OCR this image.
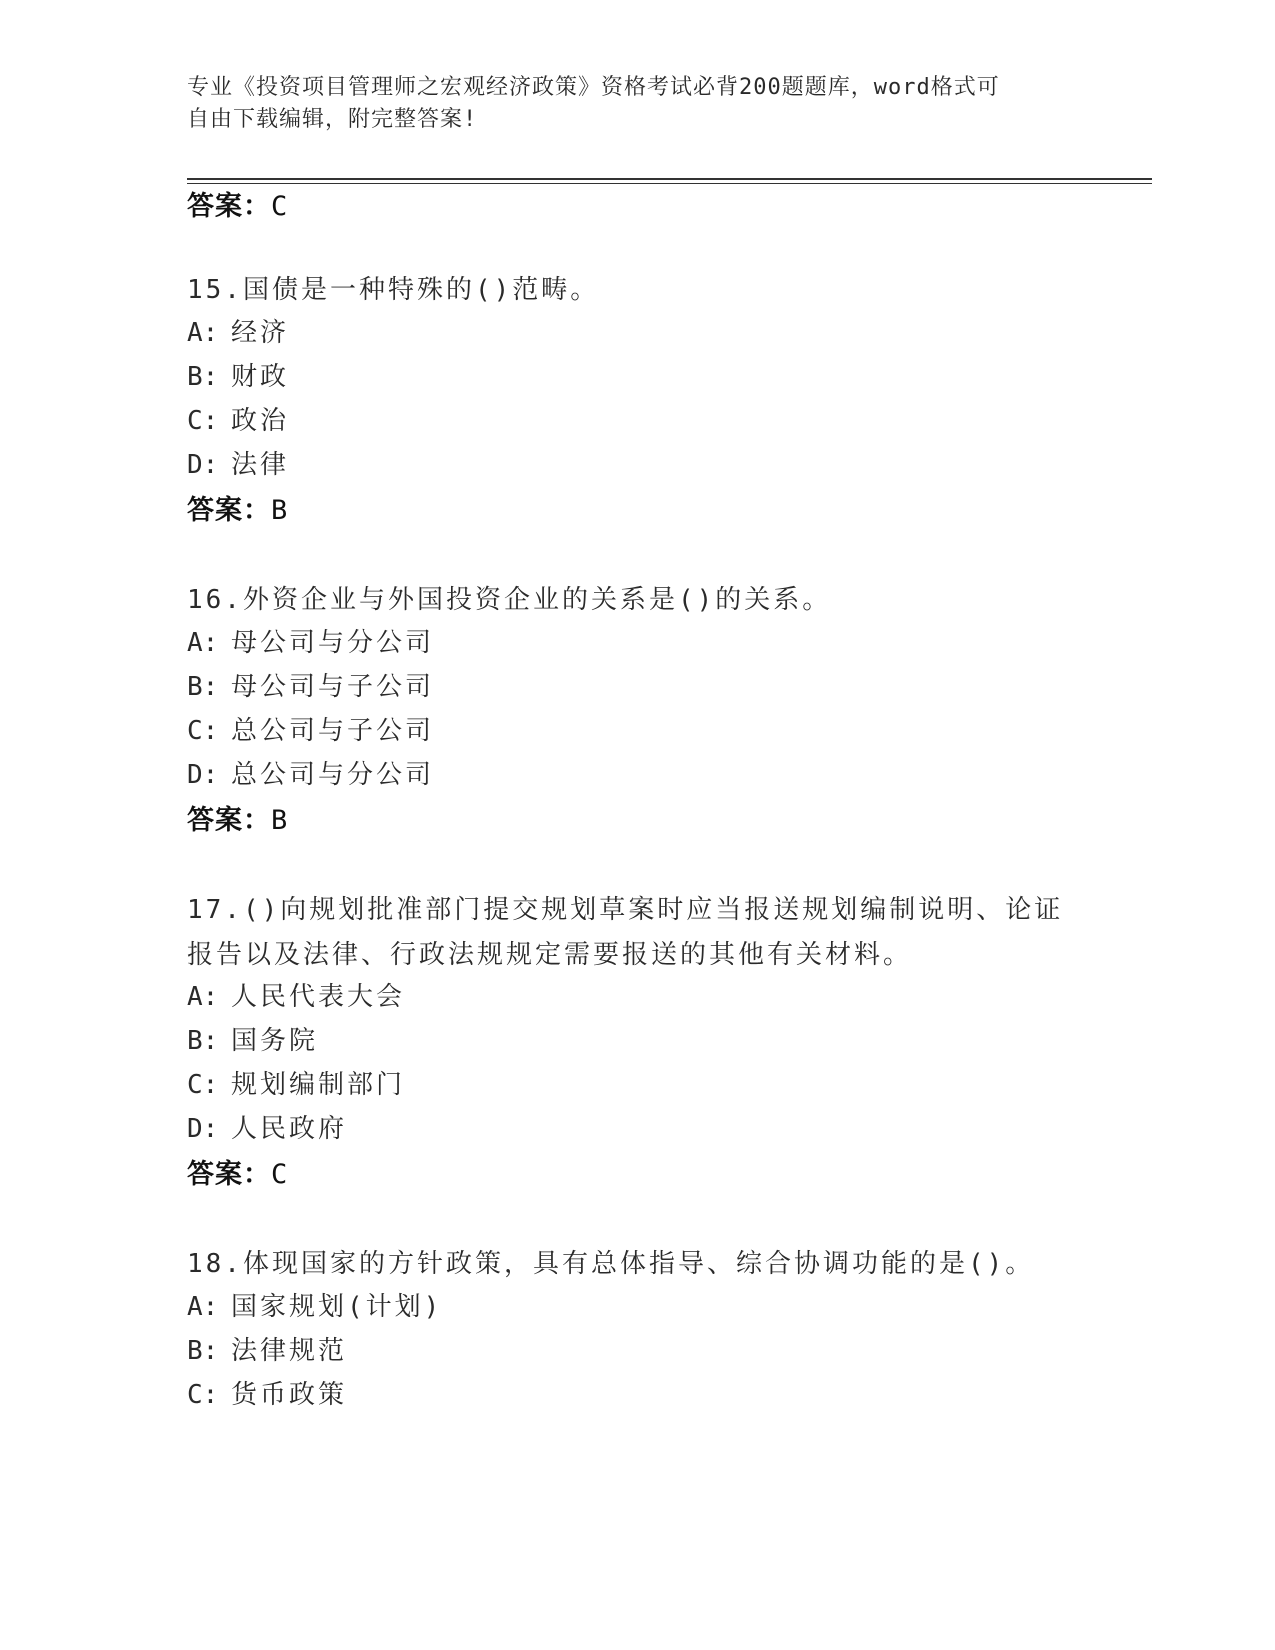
专业《投资项目管理师之宏观经济政策》资格考试必背200题题库，word格式可
自由下载编辑，附完整答案!
答案：C
15.国债是一种特殊的()范畴。
A: 经济
B: 财政
C: 政治
D: 法律
答案：B
16.外资企业与外国投资企业的关系是()的关系。
A: 母公司与分公司
B: 母公司与子公司
C: 总公司与子公司
D: 总公司与分公司
答案：B
17.()向规划批准部门提交规划草案时应当报送规划编制说明、论证报告以及法律、行政法规规定需要报送的其他有关材料。
A: 人民代表大会
B: 国务院
C: 规划编制部门
D: 人民政府
答案：C
18.体现国家的方针政策，具有总体指导、综合协调功能的是()。
A: 国家规划(计划)
B: 法律规范
C: 货币政策
